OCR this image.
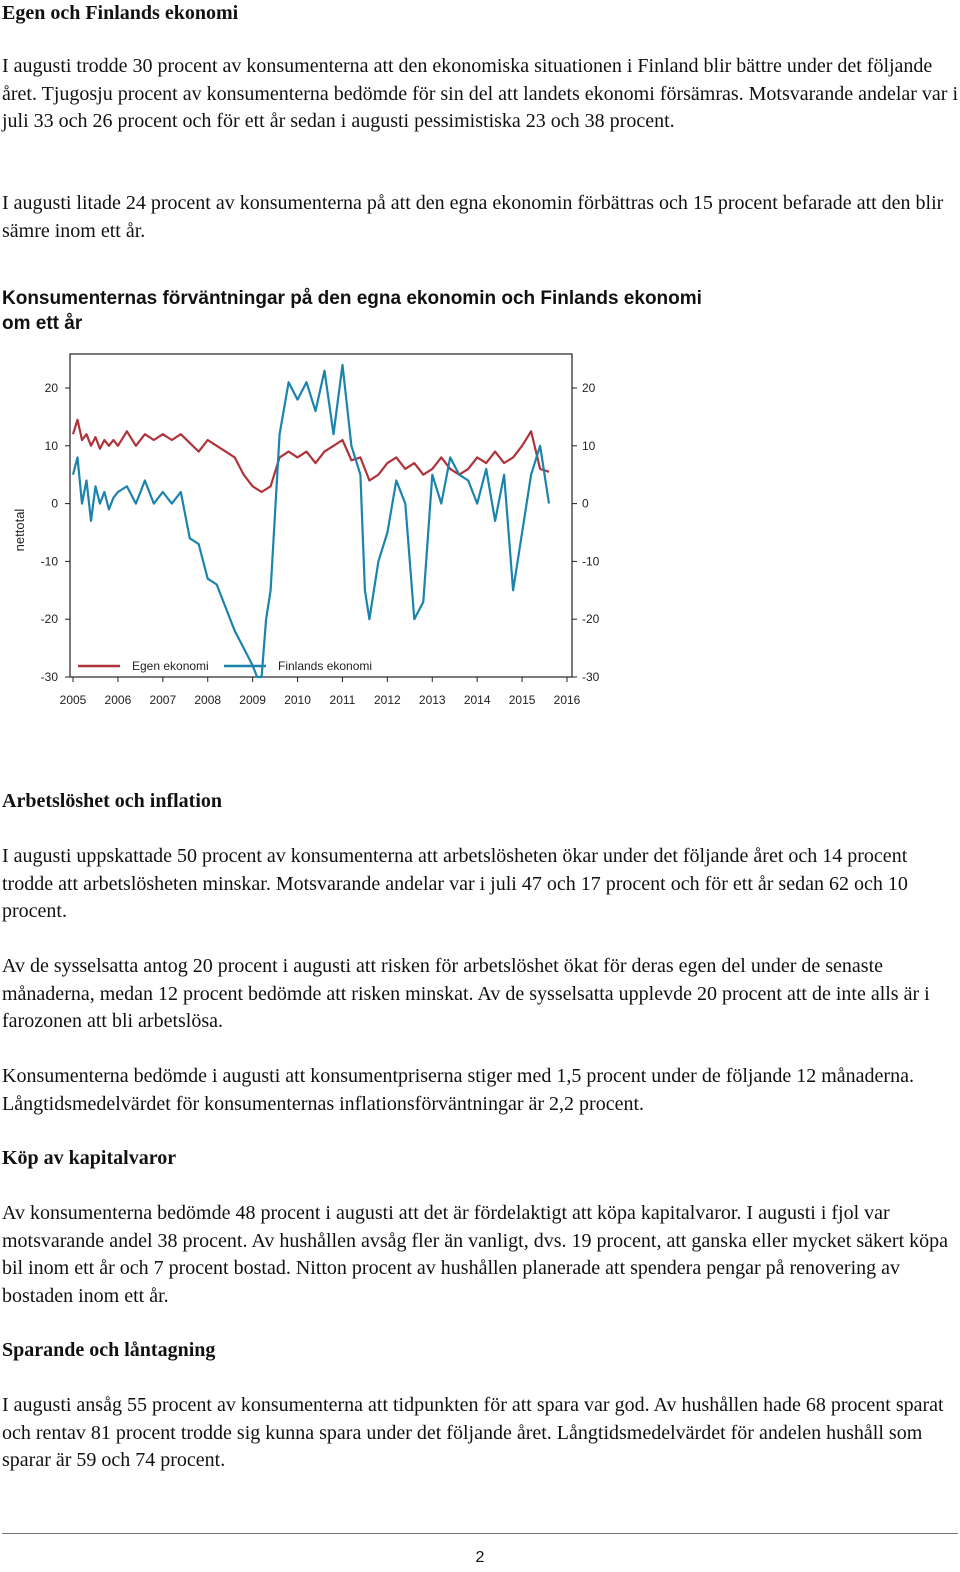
Egen och Finlands ekonomi

I augusti trodde 30 procent av konsumenterna att den ekonomiska situationen i Finland blir bättre under det följande året. Tjugosju procent av konsumenterna bedömde för sin del att landets ekonomi försämras. Motsvarande andelar var i juli 33 och 26 procent och för ett år sedan i augusti pessimistiska 23 och 38 procent.

I augusti litade 24 procent av konsumenterna på att den egna ekonomin förbättras och 15 procent befarade att den blir sämre inom ett år.

Konsumenternas förväntningar på den egna ekonomin och Finlands ekonomi om ett år
20	20
10	10
0	0
-10	-10
-20	-20
-30	-30
2005 2006 2007 2008 2009 2010 2011 2012 2013 2014 2015 2016
nettotal
Egen ekonomi	Finlands ekonomi
Arbetslöshet och inflation

I augusti uppskattade 50 procent av konsumenterna att arbetslösheten ökar under det följande året och 14 procent trodde att arbetslösheten minskar. Motsvarande andelar var i juli 47 och 17 procent och för ett år sedan 62 och 10 procent.

Av de sysselsatta antog 20 procent i augusti att risken för arbetslöshet ökat för deras egen del under de senaste månaderna, medan 12 procent bedömde att risken minskat. Av de sysselsatta upplevde 20 procent att de inte alls är i farozonen att bli arbetslösa.

Konsumenterna bedömde i augusti att konsumentpriserna stiger med 1,5 procent under de följande 12 månaderna. Långtidsmedelvärdet för konsumenternas inflationsförväntningar är 2,2 procent.

Köp av kapitalvaror

Av konsumenterna bedömde 48 procent i augusti att det är fördelaktigt att köpa kapitalvaror. I augusti i fjol var motsvarande andel 38 procent. Av hushållen avsåg fler än vanligt, dvs. 19 procent, att ganska eller mycket säkert köpa bil inom ett år och 7 procent bostad. Nitton procent av hushållen planerade att spendera pengar på renovering av bostaden inom ett år.

Sparande och låntagning

I augusti ansåg 55 procent av konsumenterna att tidpunkten för att spara var god. Av hushållen hade 68 procent sparat och rentav 81 procent trodde sig kunna spara under det följande året. Långtidsmedelvärdet för andelen hushåll som sparar är 59 och 74 procent.

2
